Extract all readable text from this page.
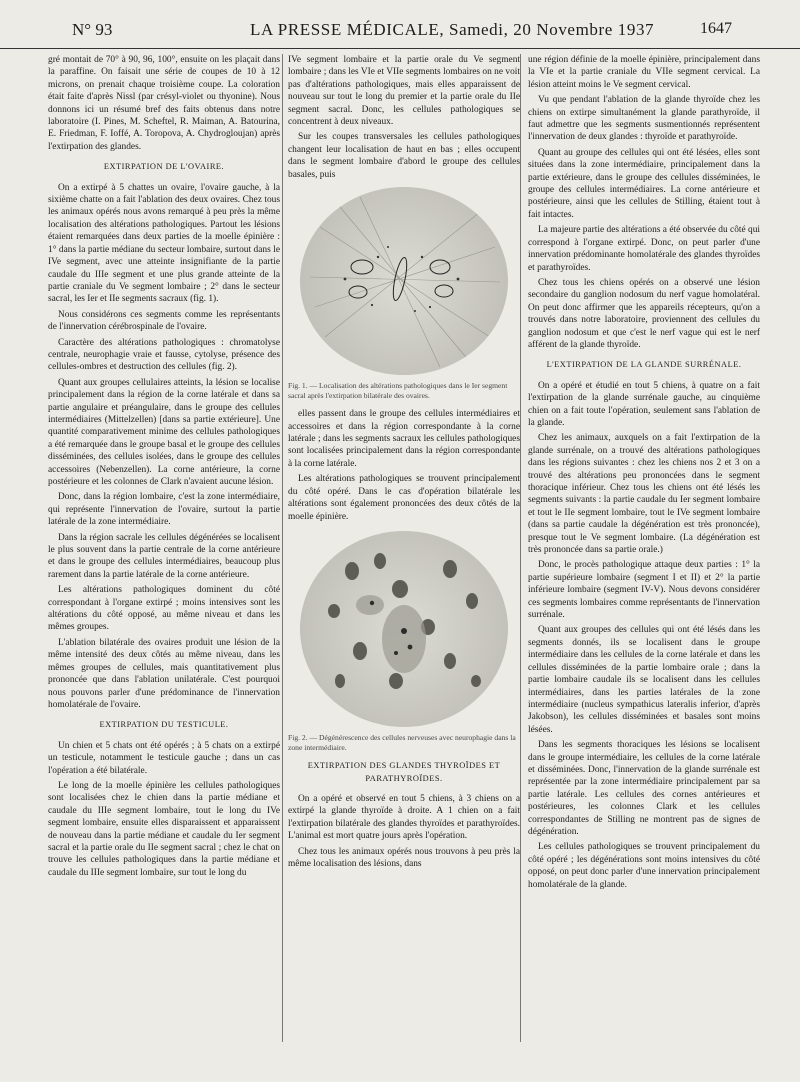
N° 93	LA PRESSE MÉDICALE, Samedi, 20 Novembre 1937	1647

gré montait de 70° à 90, 96, 100°, ensuite on les plaçait dans la paraffine. On faisait une série de coupes de 10 à 12 microns, on prenait chaque troisième coupe. La coloration était faite d'après Nissl (par crésyl-violet ou thyonine). Nous donnons ici un résumé bref des faits obtenus dans notre laboratoire (I. Pines, M. Scheftel, R. Maiman, A. Batourina, E. Friedman, F. Ioffé, A. Toropova, A. Chydrogloujan) après l'extirpation des glandes.

EXTIRPATION DE L'OVAIRE.

On a extirpé à 5 chattes un ovaire, l'ovaire gauche, à la sixième chatte on a fait l'ablation des deux ovaires. Chez tous les animaux opérés nous avons remarqué à peu près la même localisation des altérations pathologiques. Partout les lésions étaient remarquées dans deux parties de la moelle épinière : 1° dans la partie médiane du secteur lombaire, surtout dans le IVe segment, avec une atteinte insignifiante de la partie caudale du IIIe segment et une plus grande atteinte de la partie craniale du Ve segment lombaire ; 2° dans le secteur sacral, les Ier et IIe segments sacraux (fig. 1).

Nous considérons ces segments comme les représentants de l'innervation cérébrospinale de l'ovaire.

Caractère des altérations pathologiques : chromatolyse centrale, neurophagie vraie et fausse, cytolyse, présence des cellules-ombres et destruction des cellules (fig. 2).

Quant aux groupes cellulaires atteints, la lésion se localise principalement dans la région de la corne latérale et dans sa partie angulaire et préangulaire, dans le groupe des cellules intermédiaires (Mittelzellen) [dans sa partie extérieure]. Une quantité comparativement minime des cellules pathologiques a été remarquée dans le groupe basal et le groupe des cellules disséminées, des cellules isolées, dans le groupe des cellules accessoires (Nebenzellen). La corne antérieure, la corne postérieure et les colonnes de Clark n'avaient aucune lésion.

Donc, dans la région lombaire, c'est la zone intermédiaire, qui représente l'innervation de l'ovaire, surtout la partie latérale de la zone intermédiaire.

Dans la région sacrale les cellules dégénérées se localisent le plus souvent dans la partie centrale de la corne antérieure et dans le groupe des cellules intermédiaires, beaucoup plus rarement dans la partie latérale de la corne antérieure.

Les altérations pathologiques dominent du côté correspondant à l'organe extirpé ; moins intensives sont les altérations du côté opposé, au même niveau et dans les mêmes groupes.

L'ablation bilatérale des ovaires produit une lésion de la même intensité des deux côtés au même niveau, dans les mêmes groupes de cellules, mais quantitativement plus prononcée que dans l'ablation unilatérale. C'est pourquoi nous pouvons parler d'une prédominance de l'innervation homolatérale de l'ovaire.

EXTIRPATION DU TESTICULE.

Un chien et 5 chats ont été opérés ; à 5 chats on a extirpé un testicule, notamment le testicule gauche ; dans un cas l'opération a été bilatérale.

Le long de la moelle épinière les cellules pathologiques sont localisées chez le chien dans la partie médiane et caudale du IIIe segment lombaire, tout le long du IVe segment lombaire, ensuite elles disparaissent et apparaissent de nouveau dans la partie médiane et caudale du Ier segment sacral et la partie orale du IIe segment sacral ; chez le chat on trouve les cellules pathologiques dans la partie médiane et caudale du IIIe segment lombaire, sur tout le long du

IVe segment lombaire et la partie orale du Ve segment lombaire ; dans les VIe et VIIe segments lombaires on ne voit pas d'altérations pathologiques, mais elles apparaissent de nouveau sur tout le long du premier et la partie orale du IIe segment sacral. Donc, les cellules pathologiques se concentrent à deux niveaux.

Sur les coupes transversales les cellules pathologiques changent leur localisation de haut en bas ; elles occupent dans le segment lombaire d'abord le groupe des cellules basales, puis

Fig. 1. — Localisation des altérations pathologiques dans le Ier segment sacral après l'extirpation bilatérale des ovaires.

elles passent dans le groupe des cellules intermédiaires et accessoires et dans la région correspondante à la corne latérale ; dans les segments sacraux les cellules pathologiques sont localisées principalement dans la région correspondante à la corne latérale.

Les altérations pathologiques se trouvent principalement du côté opéré. Dans le cas d'opération bilatérale les altérations sont également prononcées des deux côtés de la moelle épinière.

Fig. 2. — Dégénérescence des cellules nerveuses avec neurophagie dans la zone intermédiaire.
EXTIRPATION DES GLANDES THYROÏDES ET PARATHYROÏDES.

On a opéré et observé en tout 5 chiens, à 3 chiens on a extirpé la glande thyroïde à droite. A 1 chien on a fait l'extirpation bilatérale des glandes thyroïdes et parathyroïdes. L'animal est mort quatre jours après l'opération.

Chez tous les animaux opérés nous trouvons à peu près la même localisation des lésions, dans

une région définie de la moelle épinière, principalement dans la VIe et la partie craniale du VIIe segment cervical. La lésion atteint moins le Ve segment cervical.

Vu que pendant l'ablation de la glande thyroïde chez les chiens on extirpe simultanément la glande parathyroïde, il faut admettre que les segments susmentionnés représentent l'innervation de deux glandes : thyroïde et parathyroïde.

Quant au groupe des cellules qui ont été lésées, elles sont situées dans la zone intermédiaire, principalement dans la partie extérieure, dans le groupe des cellules disséminées, le groupe des cellules intermédiaires. La corne antérieure et postérieure, ainsi que les cellules de Stilling, étaient tout à fait intactes.

La majeure partie des altérations a été observée du côté qui correspond à l'organe extirpé. Donc, on peut parler d'une innervation prédominante homolatérale des glandes thyroïdes et parathyroïdes.

Chez tous les chiens opérés on a observé une lésion secondaire du ganglion nodosum du nerf vague homolatéral. On peut donc affirmer que les appareils récepteurs, qu'on a trouvés dans notre laboratoire, proviennent des cellules du ganglion nodosum et que c'est le nerf vague qui est le nerf afférent de la glande thyroïde.

L'EXTIRPATION DE LA GLANDE SURRÉNALE.

On a opéré et étudié en tout 5 chiens, à quatre on a fait l'extirpation de la glande surrénale gauche, au cinquième chien on a fait toute l'opération, seulement sans l'ablation de la glande.

Chez les animaux, auxquels on a fait l'extirpation de la glande surrénale, on a trouvé des altérations pathologiques dans les régions suivantes : chez les chiens nos 2 et 3 on a trouvé des altérations peu prononcées dans le segment thoracique inférieur. Chez tous les chiens ont été lésés les segments suivants : la partie caudale du Ier segment lombaire et tout le IIe segment lombaire, tout le IVe segment lombaire (dans sa partie caudale la dégénération est très prononcée), presque tout le Ve segment lombaire. (La dégénération est très prononcée dans sa partie orale.)

Donc, le procès pathologique attaque deux parties : 1° la partie supérieure lombaire (segment I et II) et 2° la partie inférieure lombaire (segment IV-V). Nous devons considérer ces segments lombaires comme représentants de l'innervation surrénale.

Quant aux groupes des cellules qui ont été lésés dans les segments donnés, ils se localisent dans le groupe intermédiaire dans les cellules de la corne latérale et dans les cellules disséminées de la partie lombaire orale ; dans la partie lombaire caudale ils se localisent dans les cellules intermédiaires, dans les parties latérales de la zone intermédiaire (nucleus sympathicus lateralis inferior, d'après Jakobson), les cellules disséminées et basales sont moins lésées.

Dans les segments thoraciques les lésions se localisent dans le groupe intermédiaire, les cellules de la corne latérale et disséminées. Donc, l'innervation de la glande surrénale est représentée par la zone intermédiaire principalement par sa partie latérale. Les cellules des cornes antérieures et postérieures, les colonnes Clark et les cellules correspondantes de Stilling ne montrent pas de signes de dégénération.

Les cellules pathologiques se trouvent principalement du côté opéré ; les dégénérations sont moins intensives du côté opposé, on peut donc parler d'une innervation principalement homolatérale de la glande.
